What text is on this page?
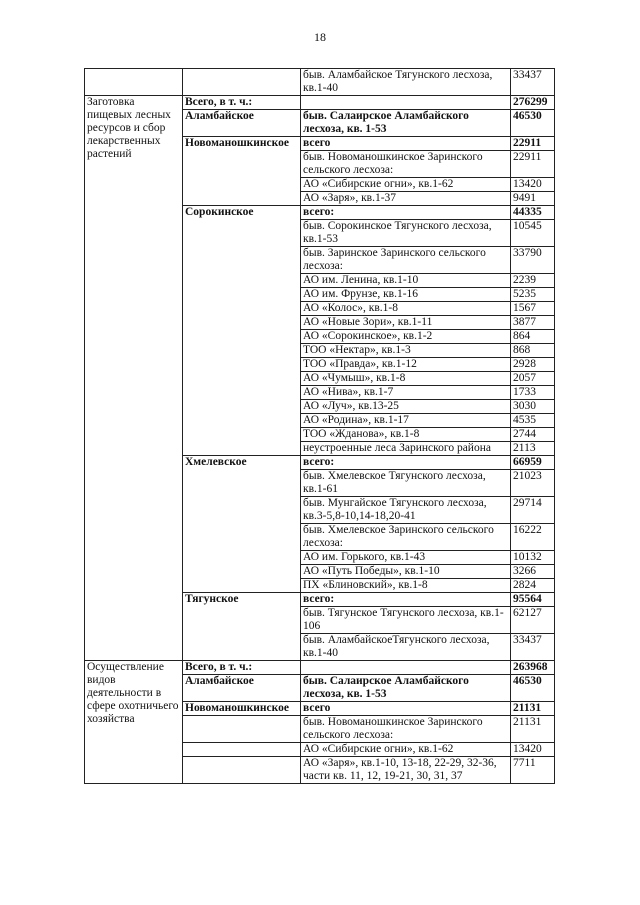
18
		быв. Аламбайское Тягунского лесхоза, кв.1-40	33437
Заготовка пищевых лесных ресурсов и сбор лекарственных растений	Всего, в т. ч.:		276299
	Аламбайское	быв. Салаирское Аламбайского лесхоза, кв. 1-53	46530
	Новоманошкинское	всего	22911
		быв. Новоманошкинское Заринского сельского лесхоза:	22911
		АО «Сибирские огни», кв.1-62	13420
		АО «Заря», кв.1-37	9491
	Сорокинское	всего:	44335
		быв. Сорокинское Тягунского лесхоза, кв.1-53	10545
		быв. Заринское Заринского сельского лесхоза:	33790
		АО им. Ленина, кв.1-10	2239
		АО им. Фрунзе, кв.1-16	5235
		АО «Колос», кв.1-8	1567
		АО «Новые Зори», кв.1-11	3877
		АО «Сорокинское», кв.1-2	864
		ТОО «Нектар», кв.1-3	868
		ТОО «Правда», кв.1-12	2928
		АО «Чумыш», кв.1-8	2057
		АО «Нива», кв.1-7	1733
		АО «Луч», кв.13-25	3030
		АО «Родина», кв.1-17	4535
		ТОО «Жданова», кв.1-8	2744
		неустроенные леса Заринского района	2113
	Хмелевское	всего:	66959
		быв. Хмелевское Тягунского лесхоза, кв.1-61	21023
		быв. Мунгайское Тягунского лесхоза, кв.3-5,8-10,14-18,20-41	29714
		быв. Хмелевское Заринского сельского лесхоза:	16222
		АО им. Горького, кв.1-43	10132
		АО «Путь Победы», кв.1-10	3266
		ПХ «Блиновский», кв.1-8	2824
	Тягунское	всего:	95564
		быв. Тягунское Тягунского лесхоза, кв.1-106	62127
		быв. АламбайскоеТягунского лесхоза, кв.1-40	33437
Осуществление видов деятельности в сфере охотничьего хозяйства	Всего, в т. ч.:		263968
	Аламбайское	быв. Салаирское Аламбайского лесхоза, кв. 1-53	46530
	Новоманошкинское	всего	21131
		быв. Новоманошкинское Заринского сельского лесхоза:	21131
		АО «Сибирские огни», кв.1-62	13420
		АО «Заря», кв.1-10, 13-18, 22-29, 32-36, части кв. 11, 12, 19-21, 30, 31, 37	7711
